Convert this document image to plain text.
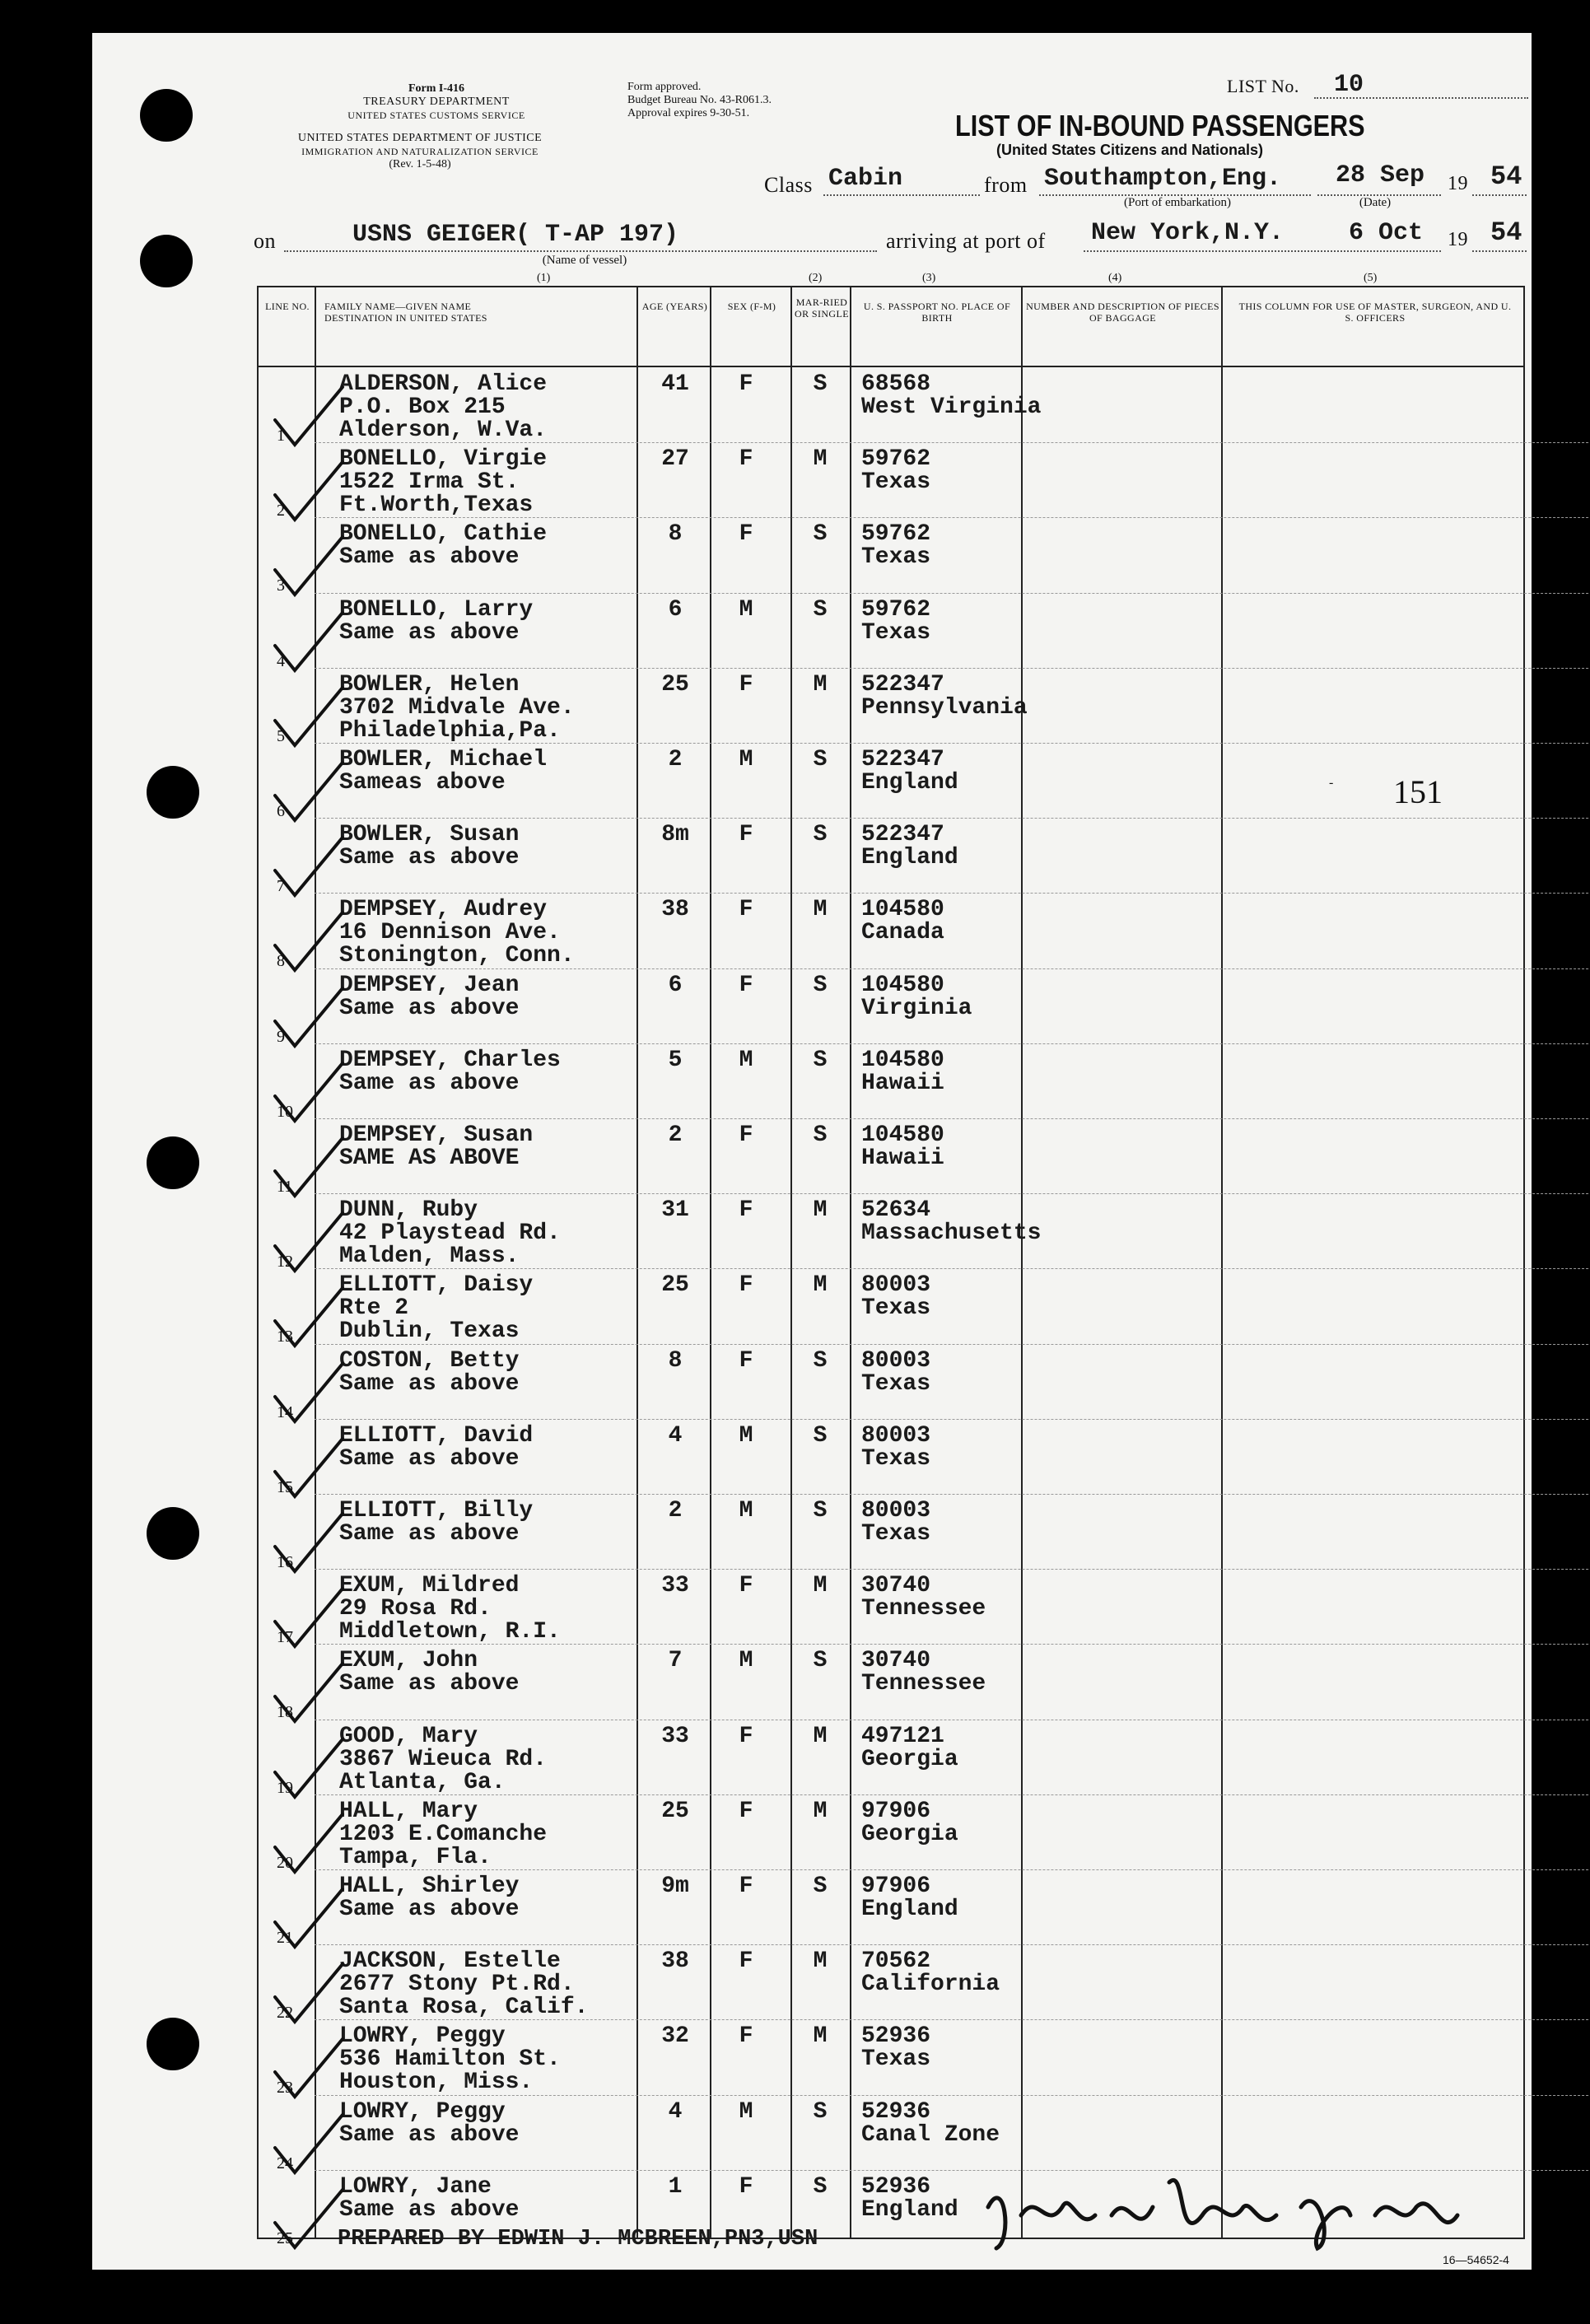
Form I-416
TREASURY DEPARTMENT
UNITED STATES CUSTOMS SERVICE
UNITED STATES DEPARTMENT OF JUSTICE
IMMIGRATION AND NATURALIZATION SERVICE
(Rev. 1-5-48)
Form approved.
Budget Bureau No. 43-R061.3.
Approval expires 9-30-51.
LIST No. 10
LIST OF IN-BOUND PASSENGERS
(United States Citizens and Nationals)
Class Cabin	from Southampton,Eng.
(Port of embarkation)
28 Sep
(Date)
19 54
on	USNS GEIGER( T-AP 197)
(Name of vessel)
arriving at port of New York,N.Y.	6 Oct 19 54
(1)	(2)	(3)	(4)	(5)
LINE NO.	FAMILY NAME—GIVEN NAME DESTINATION IN UNITED STATES
AGE (YEARS)	SEX (F-M)	MAR-RIED OR SINGLE
U. S. PASSPORT NO. PLACE OF BIRTH
NUMBER AND DESCRIPTION OF PIECES OF BAGGAGE
THIS COLUMN FOR USE OF MASTER, SURGEON, AND U. S. OFFICERS
1
ALDERSON, Alice
P.O. Box 215
Alderson, W.Va.
41	F	S	68568
West Virginia
2
BONELLO, Virgie
1522 Irma St.
Ft.Worth,Texas
27	F	M	59762
Texas
3
BONELLO, Cathie
Same as above
8	F	S	59762
Texas
4
BONELLO, Larry
Same as above
6	M	S	59762
Texas
5
BOWLER, Helen
3702 Midvale Ave.
Philadelphia,Pa.
25	F	M	522347
Pennsylvania
6
BOWLER, Michael
Sameas above
2	M	S	522347
England
7
BOWLER, Susan
Same as above
8m	F	S	522347
England
8
DEMPSEY, Audrey
16 Dennison Ave.
Stonington, Conn.
38	F	M	104580
Canada
9
DEMPSEY, Jean
Same as above
6	F	S	104580
Virginia
10
DEMPSEY, Charles
Same as above
5	M	S	104580
Hawaii
11
DEMPSEY, Susan
SAME AS ABOVE
2	F	S	104580
Hawaii
12
DUNN, Ruby
42 Playstead Rd.
Malden, Mass.
31	F	M	52634
Massachusetts
13
ELLIOTT, Daisy
Rte 2
Dublin, Texas
25	F	M	80003
Texas
14
COSTON, Betty
Same as above
8	F	S	80003
Texas
15
ELLIOTT, David
Same as above
4	M	S	80003
Texas
16
ELLIOTT, Billy
Same as above
2	M	S	80003
Texas
17
EXUM, Mildred
29 Rosa Rd.
Middletown, R.I.
33	F	M	30740
Tennessee
18
EXUM, John
Same as above
7	M	S	30740
Tennessee
19
GOOD, Mary
3867 Wieuca Rd.
Atlanta, Ga.
33	F	M	497121
Georgia
20
HALL, Mary
1203 E.Comanche
Tampa, Fla.
25	F	M	97906
Georgia
21
HALL, Shirley
Same as above
9m	F	S	97906
England
22
JACKSON, Estelle
2677 Stony Pt.Rd.
Santa Rosa, Calif.
38	F	M	70562
California
23
LOWRY, Peggy
536 Hamilton St.
Houston, Miss.
32	F	M	52936
Texas
24
LOWRY, Peggy
Same as above
4	M	S	52936
Canal Zone
25
LOWRY, Jane
Same as above
1	F	S	52936
England
- 151
PREPARED BY EDWIN J. MCBREEN,PN3,USN
16—54652-4
